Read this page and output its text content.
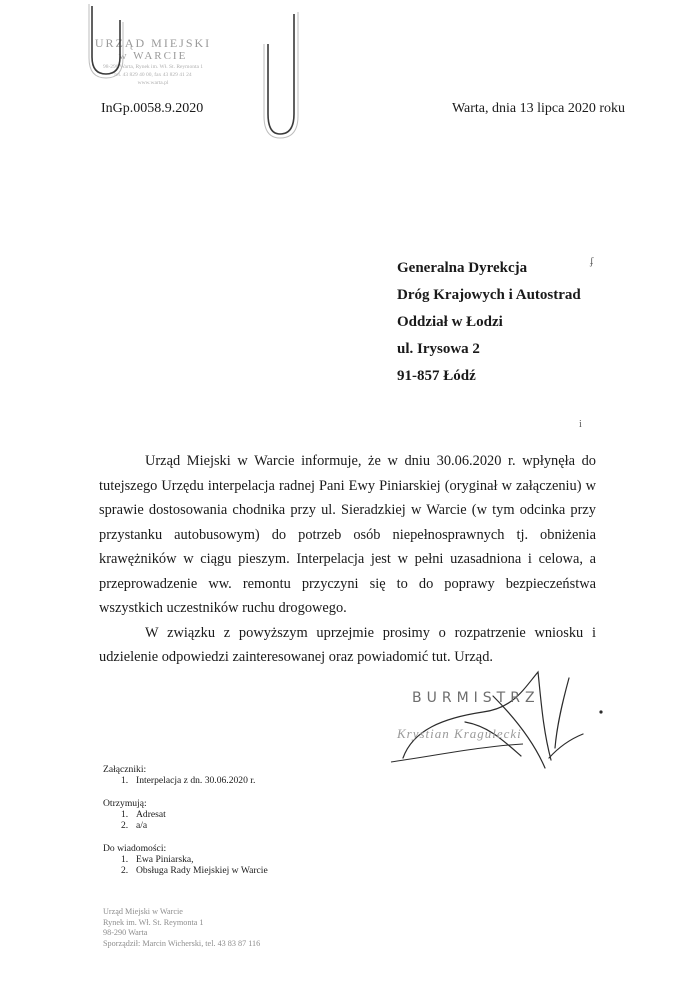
URZĄD MIEJSKI
w WARCIE
98-290 Warta, Rynek im. Wł. St. Reymonta 1
tel. 43 829 40 00, fax 43 829 41 24
www.warta.pl
InGp.0058.9.2020	Warta, dnia 13 lipca 2020 roku
Generalna Dyrekcja
Dróg Krajowych i Autostrad
Oddział w Łodzi
ul. Irysowa 2
91-857 Łódź
ʄ
i

Urząd Miejski w Warcie informuje, że w dniu 30.06.2020 r. wpłynęła do tutejszego Urzędu interpelacja radnej Pani Ewy Piniarskiej (oryginał w załączeniu) w sprawie dostosowania chodnika przy ul. Sieradzkiej w Warcie (w tym odcinka przy przystanku autobusowym) do potrzeb osób niepełnosprawnych tj. obniżenia krawężników w ciągu pieszym. Interpelacja jest w pełni uzasadniona i celowa, a przeprowadzenie ww. remontu przyczyni się to do poprawy bezpieczeństwa wszystkich uczestników ruchu drogowego.

W związku z powyższym uprzejmie prosimy o rozpatrzenie wniosku i udzielenie odpowiedzi zainteresowanej oraz powiadomić tut. Urząd.

BURMISTRZ
Krystian Kraguleckі
Załączniki:
1. Interpelacja z dn. 30.06.2020 r.
Otrzymują:
1. Adresat
2. a/a
Do wiadomości:
1. Ewa Piniarska,
2. Obsługa Rady Miejskiej w Warcie
Urząd Miejski w Warcie
Rynek im. Wł. St. Reymonta 1
98-290 Warta
Sporządził: Marcin Wicherski, tel. 43 83 87 116
